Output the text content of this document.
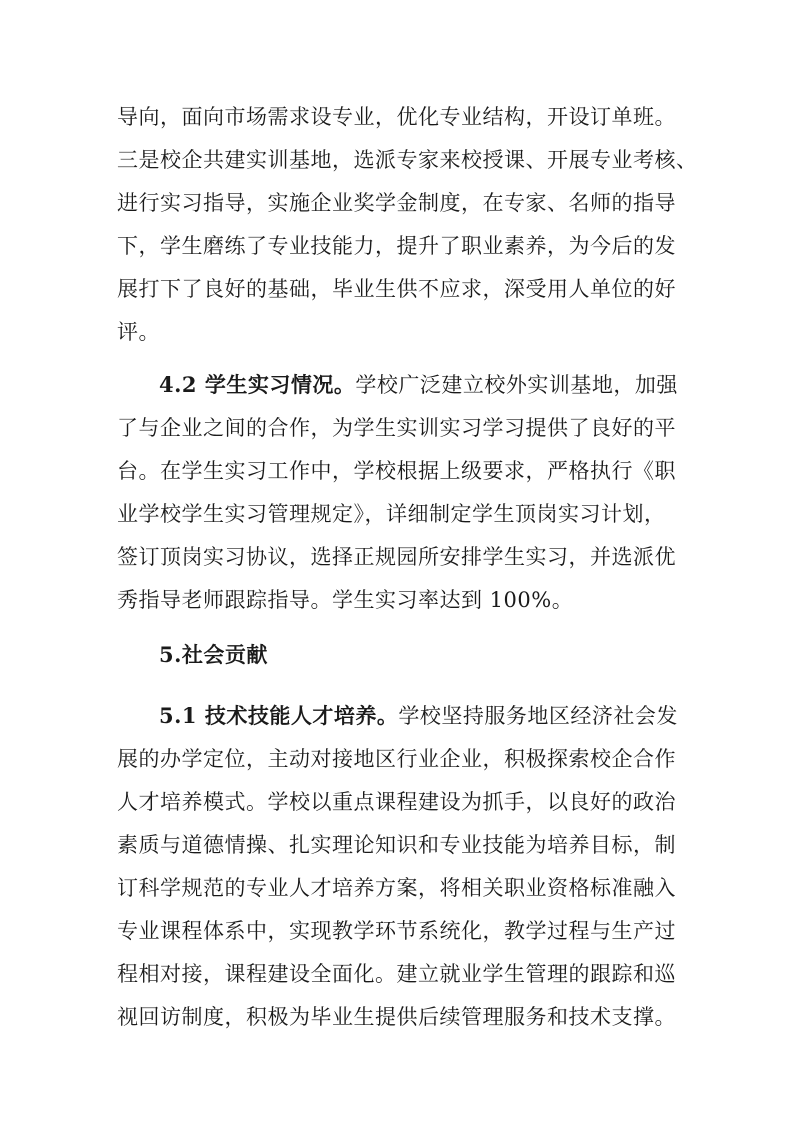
导向，面向市场需求设专业，优化专业结构，开设订单班。
三是校企共建实训基地，选派专家来校授课、开展专业考核、
进行实习指导，实施企业奖学金制度，在专家、名师的指导
下，学生磨练了专业技能力，提升了职业素养，为今后的发
展打下了良好的基础，毕业生供不应求，深受用人单位的好
评。
4.2 学生实习情况。学校广泛建立校外实训基地，加强
了与企业之间的合作，为学生实训实习学习提供了良好的平
台。在学生实习工作中，学校根据上级要求，严格执行《职
业学校学生实习管理规定》，详细制定学生顶岗实习计划，
签订顶岗实习协议，选择正规园所安排学生实习，并选派优
秀指导老师跟踪指导。学生实习率达到 100%。
5.社会贡献
5.1 技术技能人才培养。学校坚持服务地区经济社会发
展的办学定位，主动对接地区行业企业，积极探索校企合作
人才培养模式。学校以重点课程建设为抓手，以良好的政治
素质与道德情操、扎实理论知识和专业技能为培养目标，制
订科学规范的专业人才培养方案，将相关职业资格标准融入
专业课程体系中，实现教学环节系统化，教学过程与生产过
程相对接，课程建设全面化。建立就业学生管理的跟踪和巡
视回访制度，积极为毕业生提供后续管理服务和技术支撑。
